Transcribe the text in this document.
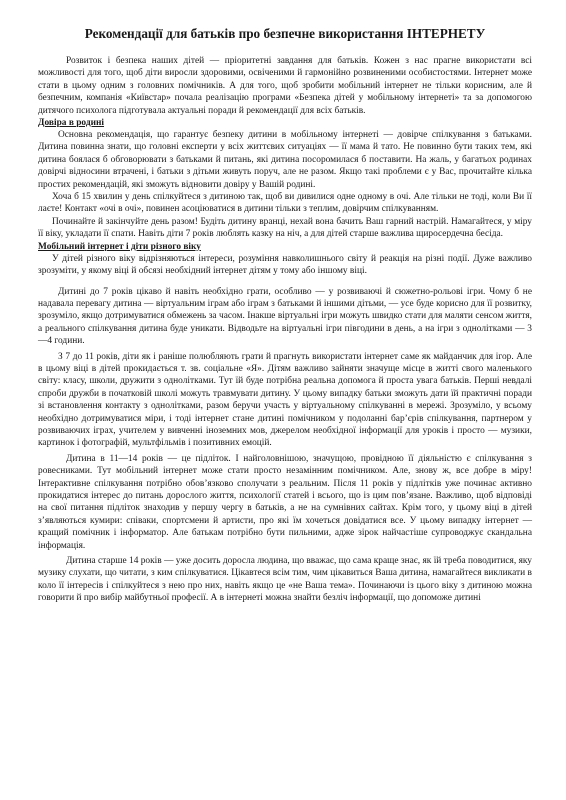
Рекомендації для батьків про безпечне використання ІНТЕРНЕТУ

Розвиток і безпека наших дітей — пріоритетні завдання для батьків. Кожен з нас прагне використати всі можливості для того, щоб діти виросли здоровими, освіченими й гармонійно розвиненими особистостями. Інтернет може стати в цьому одним з головних помічників. А для того, щоб зробити мобільний інтернет не тільки корисним, але й безпечним, компанія «Київстар» почала реалізацію програми «Безпека дітей у мобільному інтернеті» та за допомогою дитячого психолога підготувала актуальні поради й рекомендації для всіх батьків.

Довіра в родині

Основна рекомендація, що гарантує безпеку дитини в мобільному інтернеті — довірче спілкування з батьками. Дитина повинна знати, що головні експерти у всіх життєвих ситуаціях — її мама й тато. Не повинно бути таких тем, які дитина боялася б обговорювати з батьками й питань, які дитина посоромилася б поставити. На жаль, у багатьох родинах довірчі відносини втрачені, і батьки з дітьми живуть поруч, але не разом. Якщо такі проблеми є у Вас, прочитайте кілька простих рекомендацій, які зможуть відновити довіру у Вашій родині.

Хоча б 15 хвилин у день спілкуйтеся з дитиною так, щоб ви дивилися одне одному в очі. Але тільки не тоді, коли Ви її лаєте! Контакт «очі в очі», повинен асоціюватися в дитини тільки з теплим, довірчим спілкуванням.

Починайте й закінчуйте день разом! Будіть дитину вранці, нехай вона бачить Ваш гарний настрій. Намагайтеся, у міру її віку, укладати її спати. Навіть діти 7 років люблять казку на ніч, а для дітей старше важлива щиросердечна бесіда.

Мобільний інтернет і діти різного віку

У дітей різного віку відрізняються інтереси, розуміння навколишнього світу й реакція на різні події. Дуже важливо зрозуміти, у якому віці й обсязі необхідний інтернет дітям у тому або іншому віці.

Дитині до 7 років цікаво й навіть необхідно грати, особливо — у розвиваючі й сюжетно-рольові ігри. Чому б не надавала перевагу дитина — віртуальним іграм або іграм з батьками й іншими дітьми, — усе буде корисно для її розвитку, зрозуміло, якщо дотримуватися обмежень за часом. Інакше віртуальні ігри можуть швидко стати для маляти сенсом життя, а реального спілкування дитина буде уникати. Відводьте на віртуальні ігри півгодини в день, а на ігри з однолітками — 3—4 години.

З 7 до 11 років, діти як і раніше полюбляють грати й прагнуть використати інтернет саме як майданчик для ігор. Але в цьому віці в дітей прокидається т. зв. соціальне «Я». Дітям важливо зайняти значуще місце в житті свого маленького світу: класу, школи, дружити з однолітками. Тут їй буде потрібна реальна допомога й проста увага батьків. Перші невдалі спроби дружби в початковій школі можуть травмувати дитину. У цьому випадку батьки зможуть дати їй практичні поради зі встановлення контакту з однолітками, разом беручи участь у віртуальному спілкуванні в мережі. Зрозуміло, у всьому необхідно дотримуватися міри, і тоді інтернет стане дитині помічником у подоланні бар’єрів спілкування, партнером у розвиваючих іграх, учителем у вивченні іноземних мов, джерелом необхідної інформації для уроків і просто — музики, картинок і фотографій, мультфільмів і позитивних емоцій.

Дитина в 11—14 років — це підліток. І найголовнішою, значущою, провідною її діяльністю є спілкування з ровесниками. Тут мобільний інтернет може стати просто незамінним помічником. Але, знову ж, все добре в міру! Інтерактивне спілкування потрібно обов’язково сполучати з реальним. Після 11 років у підлітків уже починає активно прокидатися інтерес до питань дорослого життя, психології статей і всього, що із цим пов’язане. Важливо, щоб відповіді на свої питання підліток знаходив у першу чергу в батьків, а не на сумнівних сайтах. Крім того, у цьому віці в дітей з’являються кумири: співаки, спортсмени й артисти, про які їм хочеться довідатися все. У цьому випадку інтернет — кращий помічник і інформатор. Але батькам потрібно бути пильними, адже зірок найчастіше супроводжує скандальна інформація.

Дитина старше 14 років — уже досить доросла людина, що вважає, що сама краще знає, як їй треба поводитися, яку музику слухати, що читати, з ким спілкуватися. Цікавтеся всім тим, чим цікавиться Ваша дитина, намагайтеся викликати в коло її інтересів і спілкуйтеся з нею про них, навіть якщо це «не Ваша тема». Починаючи із цього віку з дитиною можна говорити й про вибір майбутньої професії. А в інтернеті можна знайти безліч інформації, що допоможе дитині
